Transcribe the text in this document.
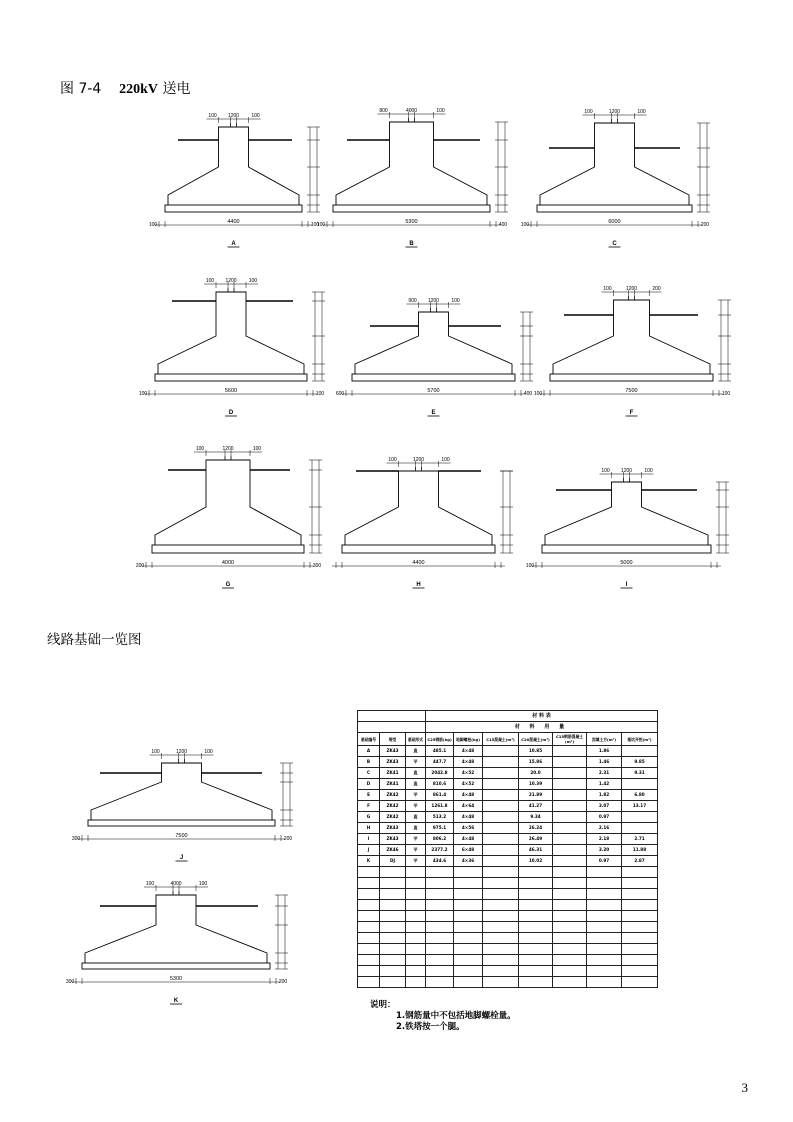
图 7-4 220kV 送电
100 1200 100
4400
100	100
A
800	4000	100
5300
100	400
B
100	1200	100
6000
100	200
C
100 1200 100
5600
100	100
D
900 1200 100
5700
600	400
E
100	1200	200
7500
100	100
F
100	1200	100
4000
200	300
G
100	1200	100
4400
H
100 1200 100
5000
100
I
100	1200	100
7500
300	200
J
100	4000	100
5300
300	200
K
线路基础一览图
			材 料 表						
			材 料 用 量						
基础编号	塔型	基础形式	C25钢筋(kg)	地脚螺栓(kg)	C15混凝土(m³)	C20混凝土(m³)	C15钢筋混凝土(m³)	回填土方(m³)	基坑开挖(m³)
A	ZK43	直	485.1	4×48		10.85		1.86	
B	ZK43	平	447.7	4×48		15.86		1.46	9.85
C	ZK41	直	2042.8	4×52		20.0		2.31	9.31
D	ZK41	直	810.6	4×52		10.39		1.42	
E	ZK42	平	861.4	4×48		21.89		1.82	6.80
F	ZK42	平	1261.8	4×64		41.27		3.07	13.17
G	ZK42	直	513.2	4×48		9.34		0.97	
H	ZK43	直	975.1	4×56		26.24		2.16	
I	ZK43	平	806.2	4×48		26.49		2.18	2.71
J	ZK46	平	2377.2	6×48		46.31		3.20	11.88
K	DJ	平	434.6	4×36		10.02		0.97	2.87

说明：
1.钢筋量中不包括地脚螺栓量。
2.铁塔按一个腿。
3
